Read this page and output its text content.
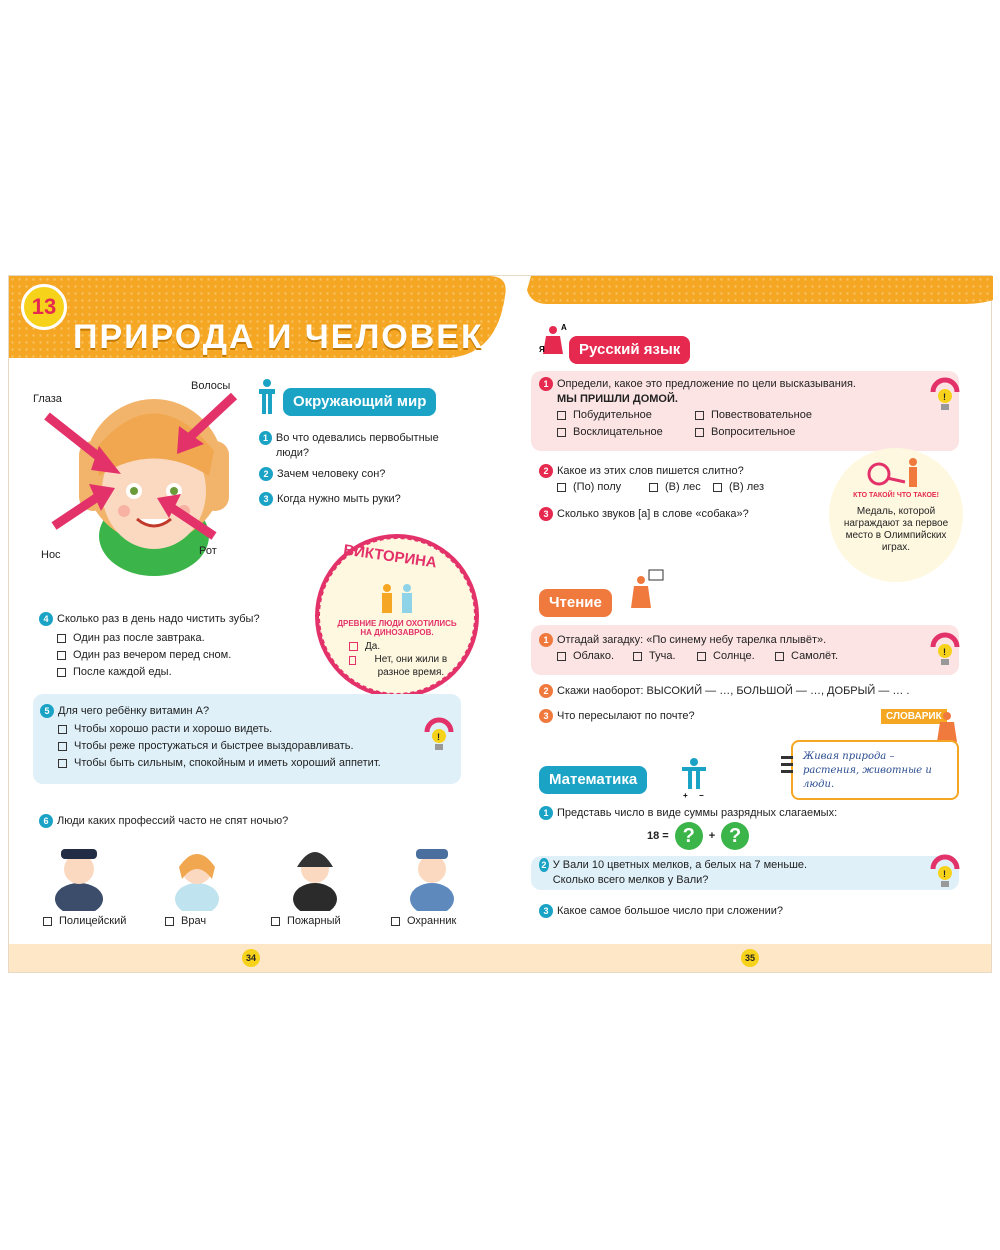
13
ПРИРОДА И ЧЕЛОВЕК
Глаза
Волосы
Нос	Рот
Окружающий мир
1 Во что одевались первобытные люди?
2 Зачем человеку сон?
3 Когда нужно мыть руки?
ВИКТОРИНА
ДРЕВНИЕ ЛЮДИ ОХОТИЛИСЬ НА ДИНОЗАВРОВ.
Да.
Нет, они жили в разное время.
4 Сколько раз в день надо чистить зубы?
Один раз после завтрака.
Один раз вечером перед сном.
После каждой еды.
5 Для чего ребёнку витамин А?
Чтобы хорошо расти и хорошо видеть.
Чтобы реже простужаться и быстрее выздоравливать.
Чтобы быть сильным, спокойным и иметь хороший аппетит.
!
6 Люди каких профессий часто не спят ночью?
Полицейский	Врач	Пожарный	Охранник
34	35
А
Я	Русский язык
1 Определи, какое это предложение по цели высказывания.
МЫ ПРИШЛИ ДОМОЙ.
Побудительное
Восклицательное
Повествовательное
Вопросительное
!
2 Какое из этих слов пишется слитно?
(По) полу	(В) лес	(В) лез
3 Сколько звуков [а] в слове «собака»?
КТО ТАКОЙ! ЧТО ТАКОЕ!
Медаль, которой награждают за первое место в Олимпийских играх.
Чтение
1 Отгадай загадку: «По синему небу тарелка плывёт».
Облако.	Туча.	Солнце.	Самолёт.	!
2 Скажи наоборот: ВЫСОКИЙ — …, БОЛЬШОЙ — …, ДОБРЫЙ — … .
3 Что пересылают по почте?	СЛОВАРИК
Живая природа – растения, животные и люди.
Математика
+ −
1 Представь число в виде суммы разрядных слагаемых:
18 = ?	+ ?
2 У Вали 10 цветных мелков, а белых на 7 меньше. Сколько всего мелков у Вали?	!
3 Какое самое большое число при сложении?
